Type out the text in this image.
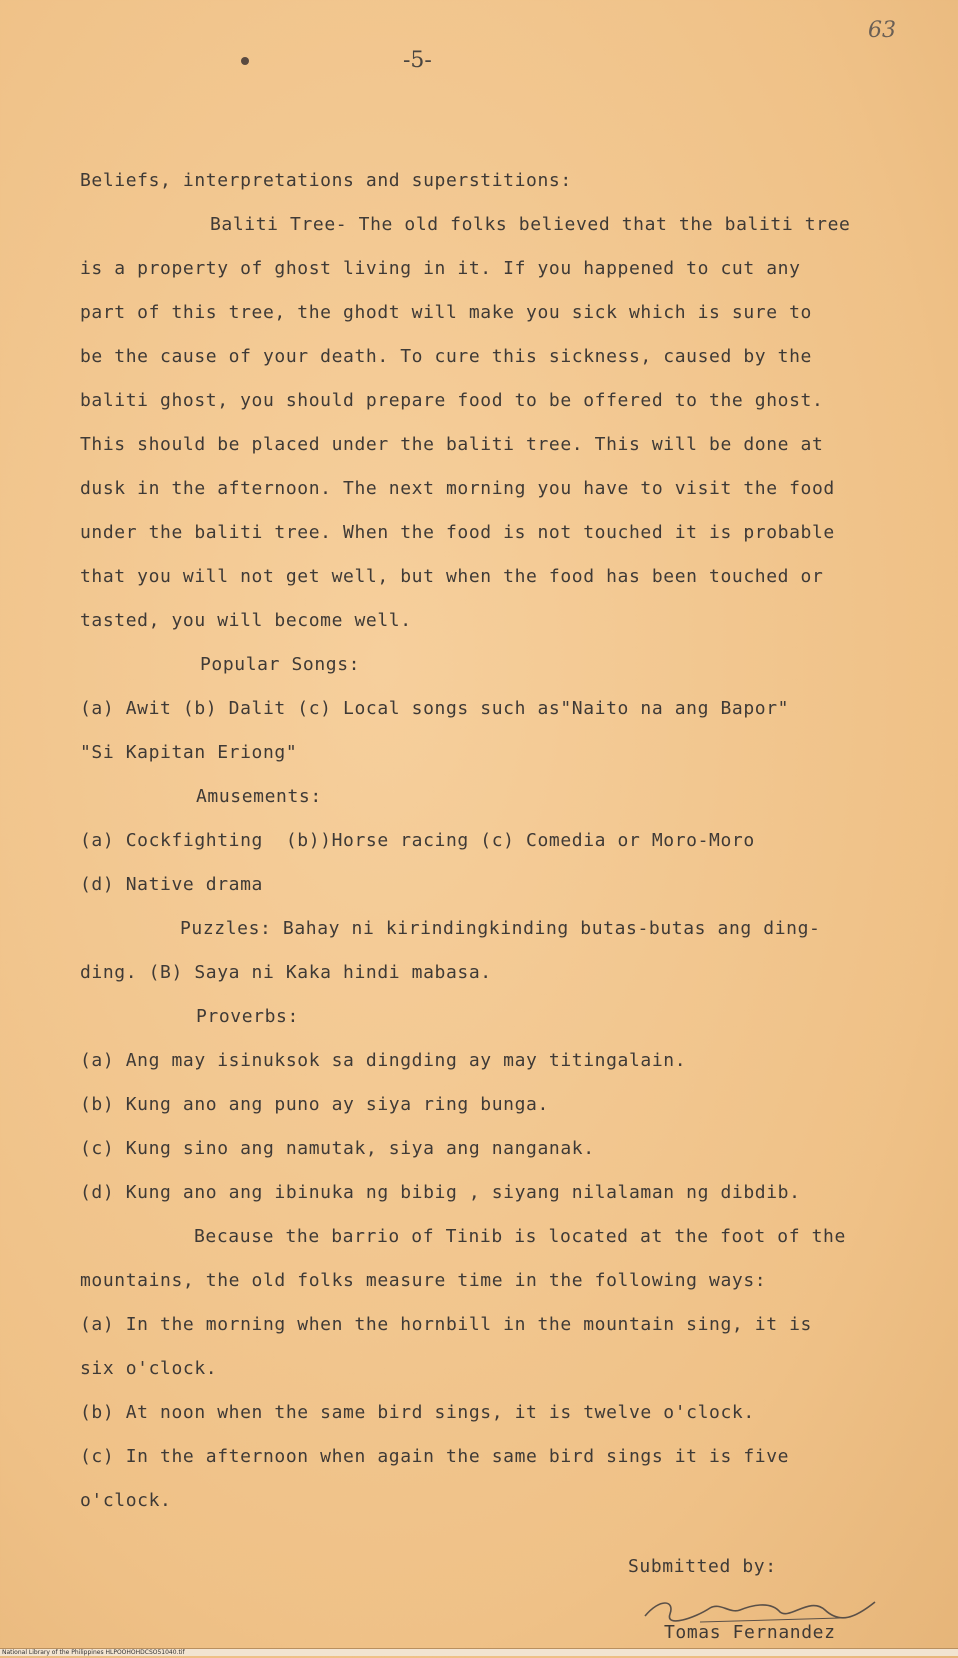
-5-
63
Beliefs, interpretations and superstitions:
Baliti Tree- The old folks believed that the baliti tree
is a property of ghost living in it. If you happened to cut any
part of this tree, the ghodt will make you sick which is sure to
be the cause of your death. To cure this sickness, caused by the
baliti ghost, you should prepare food to be offered to the ghost.
This should be placed under the baliti tree. This will be done at
dusk in the afternoon. The next morning you have to visit the food
under the baliti tree. When the food is not touched it is probable
that you will not get well, but when the food has been touched or
tasted, you will become well.
Popular Songs:
(a) Awit (b) Dalit (c) Local songs such as"Naito na ang Bapor"
"Si Kapitan Eriong"
Amusements:
(a) Cockfighting  (b))Horse racing (c) Comedia or Moro-Moro
(d) Native drama
Puzzles: Bahay ni kirindingkinding butas-butas ang ding-
ding. (B) Saya ni Kaka hindi mabasa.
Proverbs:
(a) Ang may isinuksok sa dingding ay may titingalain.
(b) Kung ano ang puno ay siya ring bunga.
(c) Kung sino ang namutak, siya ang nanganak.
(d) Kung ano ang ibinuka ng bibig , siyang nilalaman ng dibdib.
Because the barrio of Tinib is located at the foot of the
mountains, the old folks measure time in the following ways:
(a) In the morning when the hornbill in the mountain sing, it is
six o'clock.
(b) At noon when the same bird sings, it is twelve o'clock.
(c) In the afternoon when again the same bird sings it is five
o'clock.
Submitted by:
Tomas Fernandez
National Library of the Philippines HLPOOHOHDCSO51040.tif
